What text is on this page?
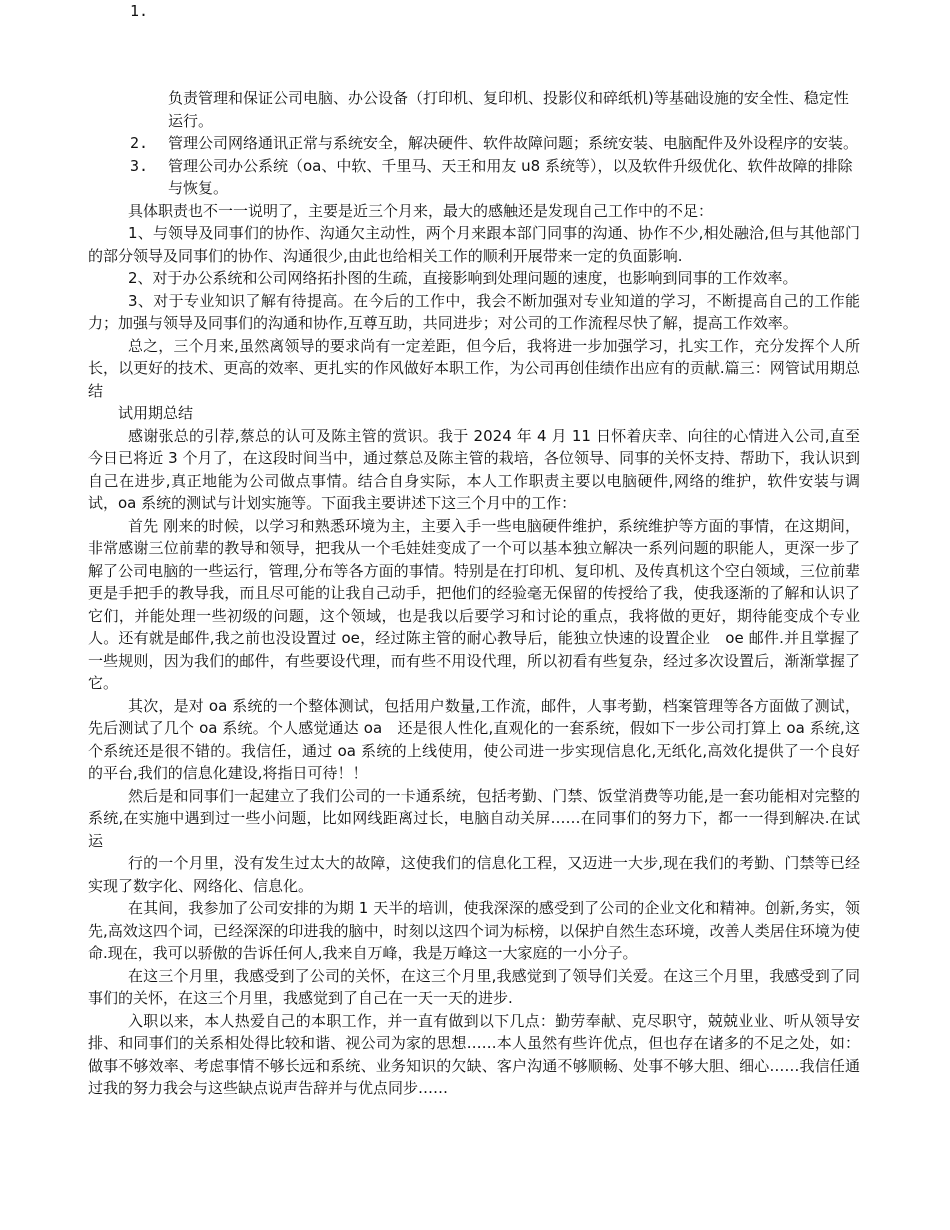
1.
负责管理和保证公司电脑、办公设备（打印机、复印机、投影仪和碎纸机)等基础设施的安全性、稳定性运行。
2.	管理公司网络通讯正常与系统安全，解决硬件、软件故障问题；系统安装、电脑配件及外设程序的安装。
3.	管理公司办公系统（oa、中软、千里马、天王和用友 u8 系统等），以及软件升级优化、软件故障的排除与恢复。
具体职责也不一一说明了，主要是近三个月来，最大的感触还是发现自己工作中的不足：
1、与领导及同事们的协作、沟通欠主动性，两个月来跟本部门同事的沟通、协作不少,相处融洽,但与其他部门的部分领导及同事们的协作、沟通很少,由此也给相关工作的顺利开展带来一定的负面影响.
2、对于办公系统和公司网络拓扑图的生疏，直接影响到处理问题的速度，也影响到同事的工作效率。
3、对于专业知识了解有待提高。在今后的工作中，我会不断加强对专业知道的学习，不断提高自己的工作能力；加强与领导及同事们的沟通和协作,互尊互助，共同进步；对公司的工作流程尽快了解，提高工作效率。
总之，三个月来,虽然离领导的要求尚有一定差距，但今后，我将进一步加强学习，扎实工作，充分发挥个人所长，以更好的技术、更高的效率、更扎实的作风做好本职工作，为公司再创佳绩作出应有的贡献.篇三：网管试用期总结
试用期总结
感谢张总的引荐,蔡总的认可及陈主管的赏识。我于 2024 年 4 月 11 日怀着庆幸、向往的心情进入公司,直至今日已将近 3 个月了，在这段时间当中，通过蔡总及陈主管的栽培，各位领导、同事的关怀支持、帮助下，我认识到自己在进步,真正地能为公司做点事情。结合自身实际，本人工作职责主要以电脑硬件,网络的维护，软件安装与调试，oa 系统的测试与计划实施等。下面我主要讲述下这三个月中的工作：
首先 刚来的时候，以学习和熟悉环境为主，主要入手一些电脑硬件维护，系统维护等方面的事情，在这期间，非常感谢三位前辈的教导和领导，把我从一个毛娃娃变成了一个可以基本独立解决一系列问题的职能人，更深一步了解了公司电脑的一些运行，管理,分布等各方面的事情。特别是在打印机、复印机、及传真机这个空白领域，三位前辈更是手把手的教导我，而且尽可能的让我自己动手，把他们的经验毫无保留的传授给了我，使我逐渐的了解和认识了它们，并能处理一些初级的问题，这个领域，也是我以后要学习和讨论的重点，我将做的更好，期待能变成个专业人。还有就是邮件,我之前也没设置过 oe，经过陈主管的耐心教导后，能独立快速的设置企业　oe 邮件.并且掌握了一些规则，因为我们的邮件，有些要设代理，而有些不用设代理，所以初看有些复杂，经过多次设置后，渐渐掌握了它。
其次，是对 oa 系统的一个整体测试，包括用户数量,工作流，邮件，人事考勤，档案管理等各方面做了测试，先后测试了几个 oa 系统。个人感觉通达 oa　还是很人性化,直观化的一套系统，假如下一步公司打算上 oa 系统,这个系统还是很不错的。我信任，通过 oa 系统的上线使用，使公司进一步实现信息化,无纸化,高效化提供了一个良好的平台,我们的信息化建设,将指日可待！！
然后是和同事们一起建立了我们公司的一卡通系统，包括考勤、门禁、饭堂消费等功能,是一套功能相对完整的系统,在实施中遇到过一些小问题，比如网线距离过长，电脑自动关屏……在同事们的努力下，都一一得到解决.在试运
行的一个月里，没有发生过太大的故障，这使我们的信息化工程，又迈进一大步,现在我们的考勤、门禁等已经实现了数字化、网络化、信息化。
在其间，我参加了公司安排的为期 1 天半的培训，使我深深的感受到了公司的企业文化和精神。创新,务实，领先,高效这四个词，已经深深的印进我的脑中，时刻以这四个词为标榜，以保护自然生态环境，改善人类居住环境为使命.现在，我可以骄傲的告诉任何人,我来自万峰，我是万峰这一大家庭的一小分子。
在这三个月里，我感受到了公司的关怀，在这三个月里,我感觉到了领导们关爱。在这三个月里，我感受到了同事们的关怀，在这三个月里，我感觉到了自己在一天一天的进步.
入职以来，本人热爱自己的本职工作，并一直有做到以下几点：勤劳奉献、克尽职守，兢兢业业、听从领导安排、和同事们的关系相处得比较和谐、视公司为家的思想……本人虽然有些许优点，但也存在诸多的不足之处，如：做事不够效率、考虑事情不够长远和系统、业务知识的欠缺、客户沟通不够顺畅、处事不够大胆、细心……我信任通过我的努力我会与这些缺点说声告辞并与优点同步……
